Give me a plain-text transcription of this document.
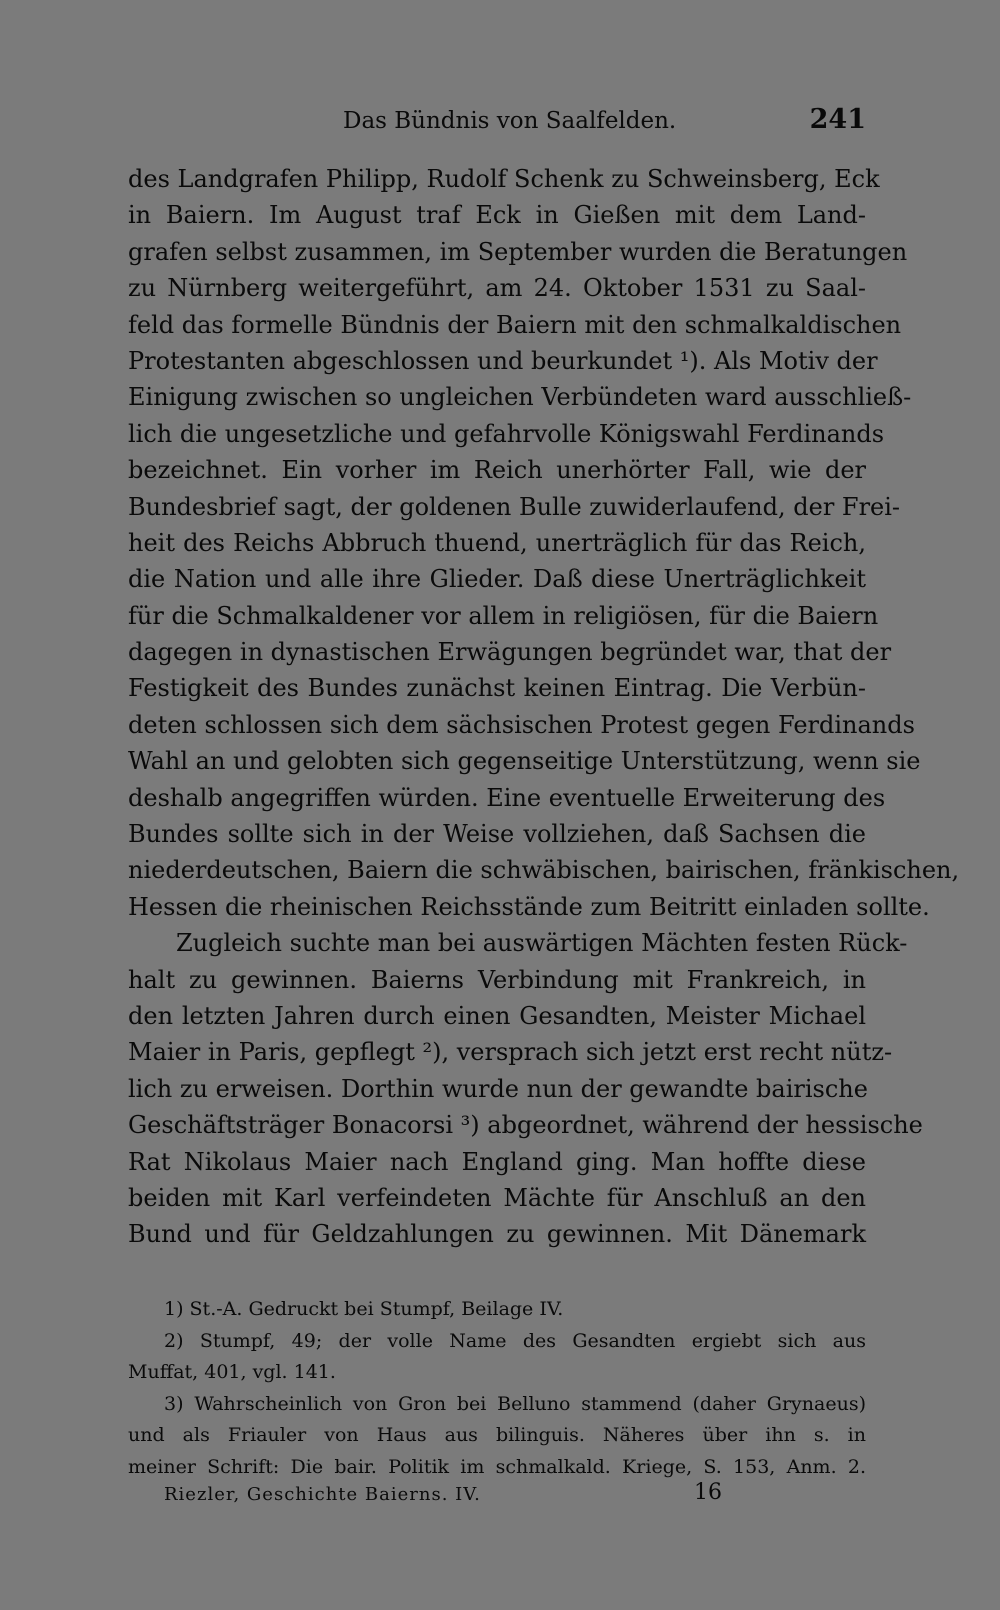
Das Bündnis von Saalfelden.	241
des Landgrafen Philipp, Rudolf Schenk zu Schweinsberg, Eck
in Baiern. Im August traf Eck in Gießen mit dem Land-
grafen selbst zusammen, im September wurden die Beratungen
zu Nürnberg weitergeführt, am 24. Oktober 1531 zu Saal-
feld das formelle Bündnis der Baiern mit den schmalkaldischen
Protestanten abgeschlossen und beurkundet ¹). Als Motiv der
Einigung zwischen so ungleichen Verbündeten ward ausschließ-
lich die ungesetzliche und gefahrvolle Königswahl Ferdinands
bezeichnet. Ein vorher im Reich unerhörter Fall, wie der
Bundesbrief sagt, der goldenen Bulle zuwiderlaufend, der Frei-
heit des Reichs Abbruch thuend, unerträglich für das Reich,
die Nation und alle ihre Glieder. Daß diese Unerträglichkeit
für die Schmalkaldener vor allem in religiösen, für die Baiern
dagegen in dynastischen Erwägungen begründet war, that der
Festigkeit des Bundes zunächst keinen Eintrag. Die Verbün-
deten schlossen sich dem sächsischen Protest gegen Ferdinands
Wahl an und gelobten sich gegenseitige Unterstützung, wenn sie
deshalb angegriffen würden. Eine eventuelle Erweiterung des
Bundes sollte sich in der Weise vollziehen, daß Sachsen die
niederdeutschen, Baiern die schwäbischen, bairischen, fränkischen,
Hessen die rheinischen Reichsstände zum Beitritt einladen sollte.
Zugleich suchte man bei auswärtigen Mächten festen Rück-
halt zu gewinnen. Baierns Verbindung mit Frankreich, in
den letzten Jahren durch einen Gesandten, Meister Michael
Maier in Paris, gepflegt ²), versprach sich jetzt erst recht nütz-
lich zu erweisen. Dorthin wurde nun der gewandte bairische
Geschäftsträger Bonacorsi ³) abgeordnet, während der hessische
Rat Nikolaus Maier nach England ging. Man hoffte diese
beiden mit Karl verfeindeten Mächte für Anschluß an den
Bund und für Geldzahlungen zu gewinnen. Mit Dänemark
1) St.-A. Gedruckt bei Stumpf, Beilage IV.
2) Stumpf, 49; der volle Name des Gesandten ergiebt sich aus
Muffat, 401, vgl. 141.
3) Wahrscheinlich von Gron bei Belluno stammend (daher Grynaeus)
und als Friauler von Haus aus bilinguis. Näheres über ihn s. in
meiner Schrift: Die bair. Politik im schmalkald. Kriege, S. 153, Anm. 2.
Riezler, Geschichte Baierns. IV.	16
